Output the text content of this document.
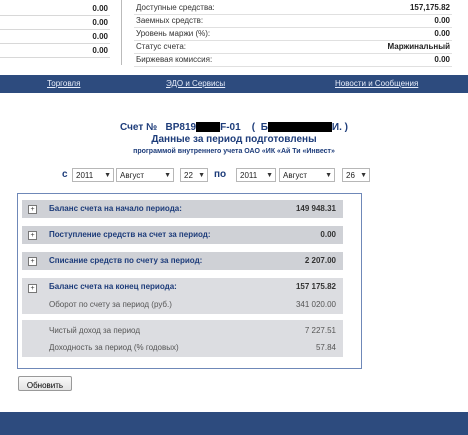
0.00
0.00
0.00
0.00
Доступные средства:	157,175.82
Заемных средств:	0.00
Уровень маржи (%):	0.00
Статус счета:	Маржинальный
Биржевая комиссия:	0.00
Торговля	ЭДО и Сервисы	Новости и Сообщения
Счет № BP819 F-01 ( Б	И. )
Данные за период подготовлены
программой внутреннего учета ОАО «ИК «Ай Ти «Инвест»
с	2011 ▼	Август	▼	22 ▼ по	2011 ▼	Август	▼	26 ▼
+	Баланс счета на начало периода:	149 948.31
+	Поступление средств на счет за период:	0.00
+	Списание средств по счету за период:	2 207.00
+	Баланс счета на конец периода:	157 175.82
Оборот по счету за период (руб.)	341 020.00
Чистый доход за период	7 227.51
Доходность за период (% годовых)	57.84
Обновить
